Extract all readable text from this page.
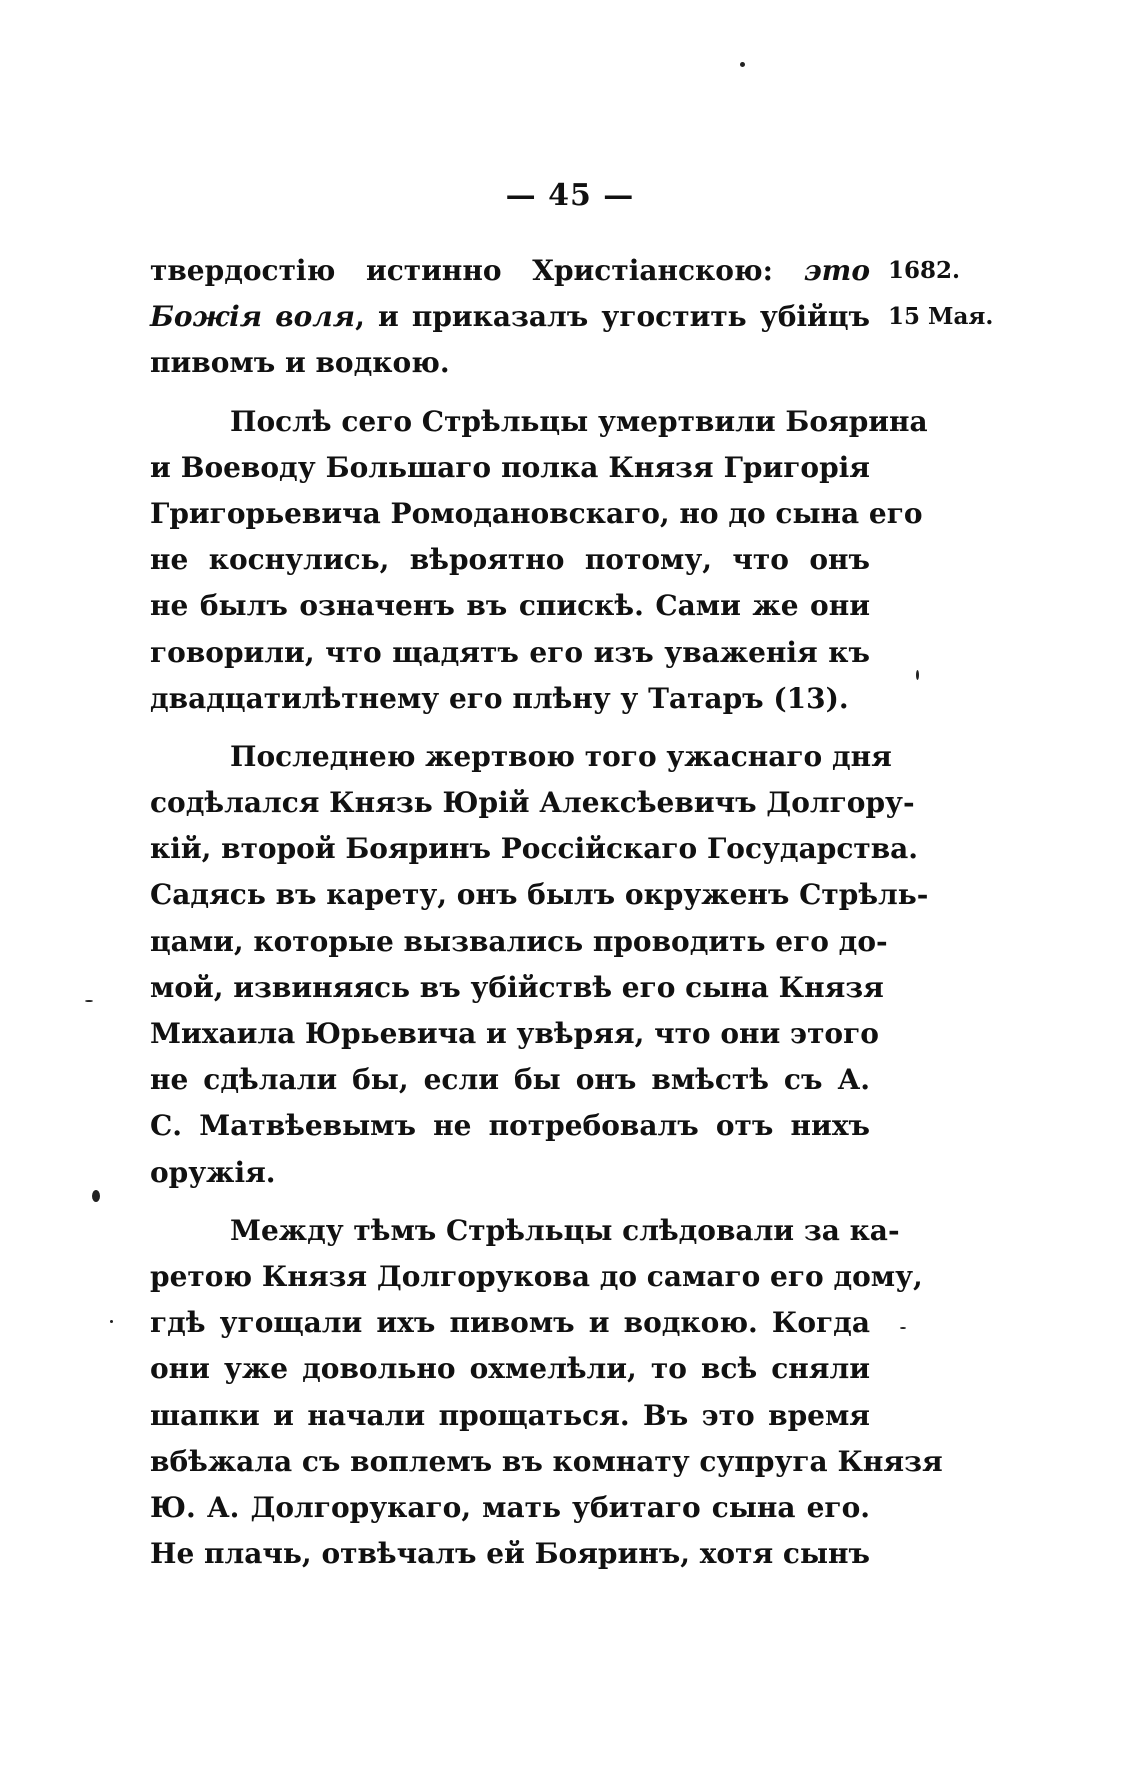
— 45 —
1682.
15 Мая.
твердостію истинно Христіанскою: это
Божія воля, и приказалъ угостить убійцъ
пивомъ и водкою.
Послѣ сего Стрѣльцы умертвили Боярина
и Воеводу Большаго полка Князя Григорія
Григорьевича Ромодановскаго, но до сына его
не коснулись, вѣроятно потому, что онъ
не былъ означенъ въ спискѣ. Сами же они
говорили, что щадятъ его изъ уваженія къ
двадцатилѣтнему его плѣну у Татаръ (13).
Последнею жертвою того ужаснаго дня
содѣлался Князь Юрій Алексѣевичъ Долгору-
кій, второй Бояринъ Россійскаго Государства.
Садясь въ карету, онъ былъ окруженъ Стрѣль-
цами, которые вызвались проводить его до-
мой, извиняясь въ убійствѣ его сына Князя
Михаила Юрьевича и увѣряя, что они этого
не сдѣлали бы, если бы онъ вмѣстѣ съ А.
С. Матвѣевымъ не потребовалъ отъ нихъ
оружія.
Между тѣмъ Стрѣльцы слѣдовали за ка-
ретою Князя Долгорукова до самаго его дому,
гдѣ угощали ихъ пивомъ и водкою. Когда
они уже довольно охмелѣли, то всѣ сняли
шапки и начали прощаться. Въ это время
вбѣжала съ воплемъ въ комнату супруга Князя
Ю. А. Долгорукаго, мать убитаго сына его.
Не плачь, отвѣчалъ ей Бояринъ, хотя сынъ
